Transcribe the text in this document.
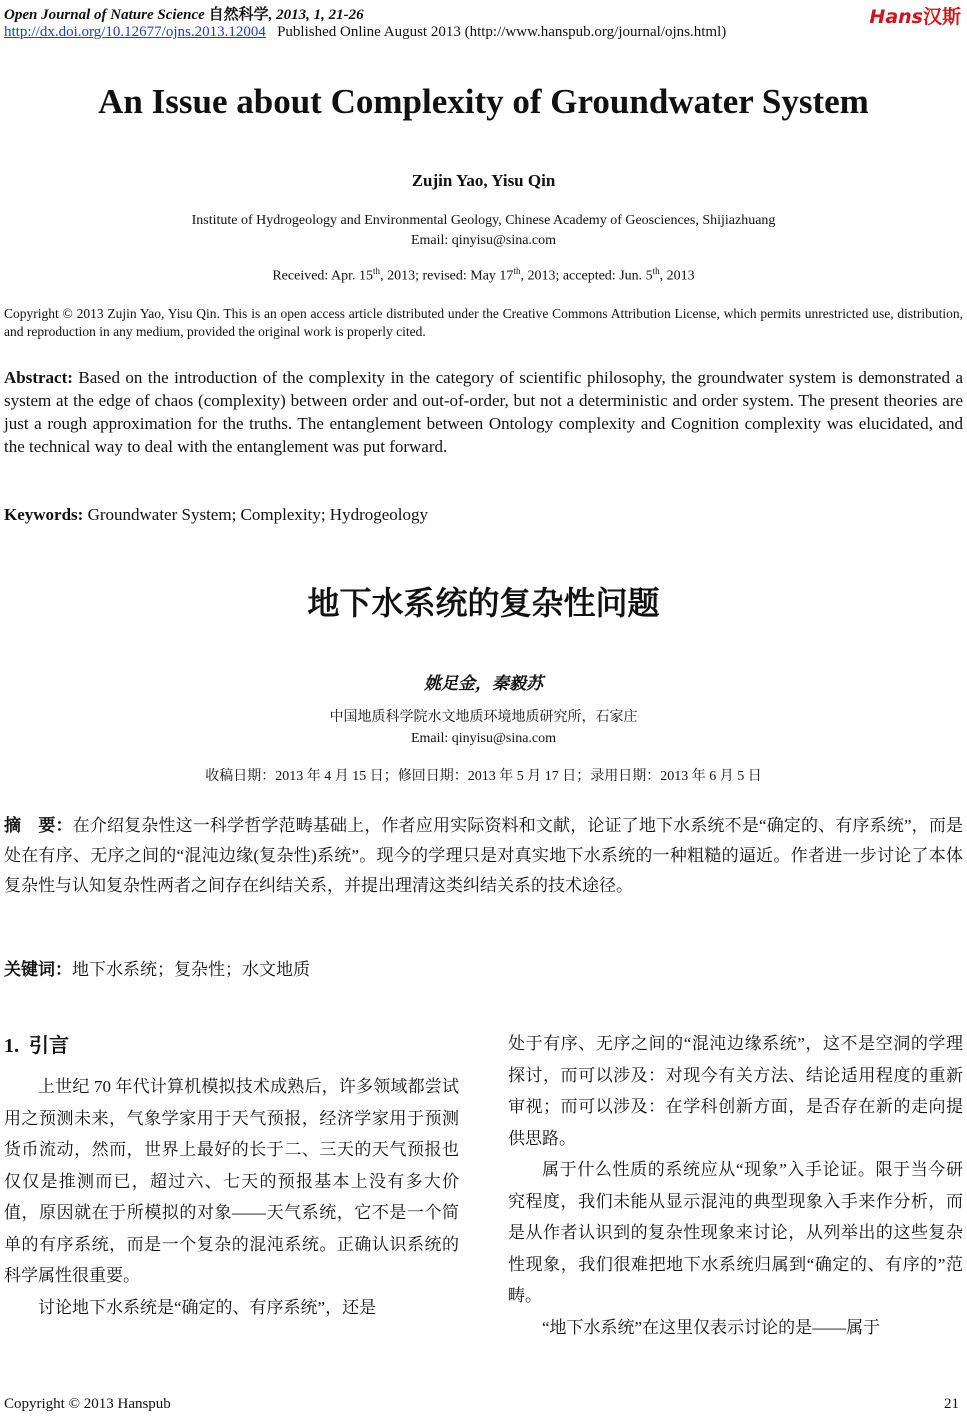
Open Journal of Nature Science 自然科学, 2013, 1, 21-26
http://dx.doi.org/10.12677/ojns.2013.12004 Published Online August 2013 (http://www.hanspub.org/journal/ojns.html)
Hans汉斯
An Issue about Complexity of Groundwater System
Zujin Yao, Yisu Qin
Institute of Hydrogeology and Environmental Geology, Chinese Academy of Geosciences, Shijiazhuang
Email: qinyisu@sina.com
Received: Apr. 15th, 2013; revised: May 17th, 2013; accepted: Jun. 5th, 2013
Copyright © 2013 Zujin Yao, Yisu Qin. This is an open access article distributed under the Creative Commons Attribution License, which permits unrestricted use, distribution, and reproduction in any medium, provided the original work is properly cited.
Abstract: Based on the introduction of the complexity in the category of scientific philosophy, the groundwater system is demonstrated a system at the edge of chaos (complexity) between order and out-of-order, but not a deterministic and order system. The present theories are just a rough approximation for the truths. The entanglement between Ontology complexity and Cognition complexity was elucidated, and the technical way to deal with the entanglement was put forward.
Keywords: Groundwater System; Complexity; Hydrogeology
地下水系统的复杂性问题
姚足金，秦毅苏
中国地质科学院水文地质环境地质研究所，石家庄
Email: qinyisu@sina.com
收稿日期：2013 年 4 月 15 日；修回日期：2013 年 5 月 17 日；录用日期：2013 年 6 月 5 日
摘　要：在介绍复杂性这一科学哲学范畴基础上，作者应用实际资料和文献，论证了地下水系统不是“确定的、有序系统”，而是处在有序、无序之间的“混沌边缘(复杂性)系统”。现今的学理只是对真实地下水系统的一种粗糙的逼近。作者进一步讨论了本体复杂性与认知复杂性两者之间存在纠结关系，并提出理清这类纠结关系的技术途径。
关键词：地下水系统；复杂性；水文地质
1. 引言

上世纪 70 年代计算机模拟技术成熟后，许多领域都尝试用之预测未来，气象学家用于天气预报，经济学家用于预测货币流动，然而，世界上最好的长于二、三天的天气预报也仅仅是推测而已，超过六、七天的预报基本上没有多大价值，原因就在于所模拟的对象——天气系统，它不是一个简单的有序系统，而是一个复杂的混沌系统。正确认识系统的科学属性很重要。

讨论地下水系统是“确定的、有序系统”，还是

处于有序、无序之间的“混沌边缘系统”，这不是空洞的学理探讨，而可以涉及：对现今有关方法、结论适用程度的重新审视；而可以涉及：在学科创新方面，是否存在新的走向提供思路。

属于什么性质的系统应从“现象”入手论证。限于当今研究程度，我们未能从显示混沌的典型现象入手来作分析，而是从作者认识到的复杂性现象来讨论，从列举出的这些复杂性现象，我们很难把地下水系统归属到“确定的、有序的”范畴。

“地下水系统”在这里仅表示讨论的是——属于

Copyright © 2013 Hanspub	21
